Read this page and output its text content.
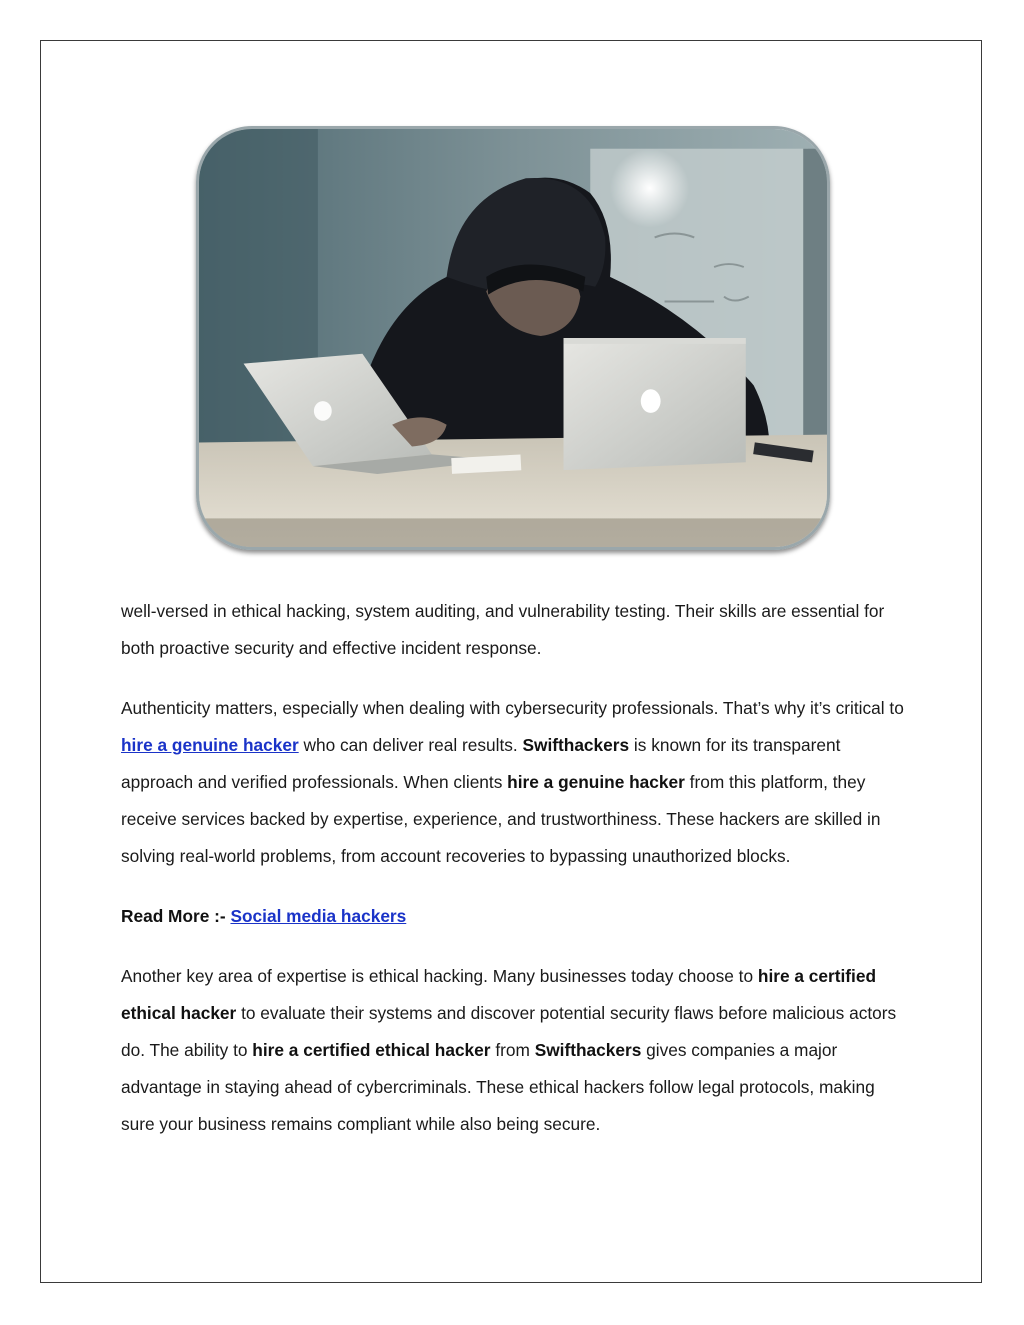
well-versed in ethical hacking, system auditing, and vulnerability testing. Their skills are essential for both proactive security and effective incident response.

Authenticity matters, especially when dealing with cybersecurity professionals. That’s why it’s critical to hire a genuine hacker who can deliver real results. Swifthackers is known for its transparent approach and verified professionals. When clients hire a genuine hacker from this platform, they receive services backed by expertise, experience, and trustworthiness. These hackers are skilled in solving real-world problems, from account recoveries to bypassing unauthorized blocks.

Read More :- Social media hackers

Another key area of expertise is ethical hacking. Many businesses today choose to hire a certified ethical hacker to evaluate their systems and discover potential security flaws before malicious actors do. The ability to hire a certified ethical hacker from Swifthackers gives companies a major advantage in staying ahead of cybercriminals. These ethical hackers follow legal protocols, making sure your business remains compliant while also being secure.
